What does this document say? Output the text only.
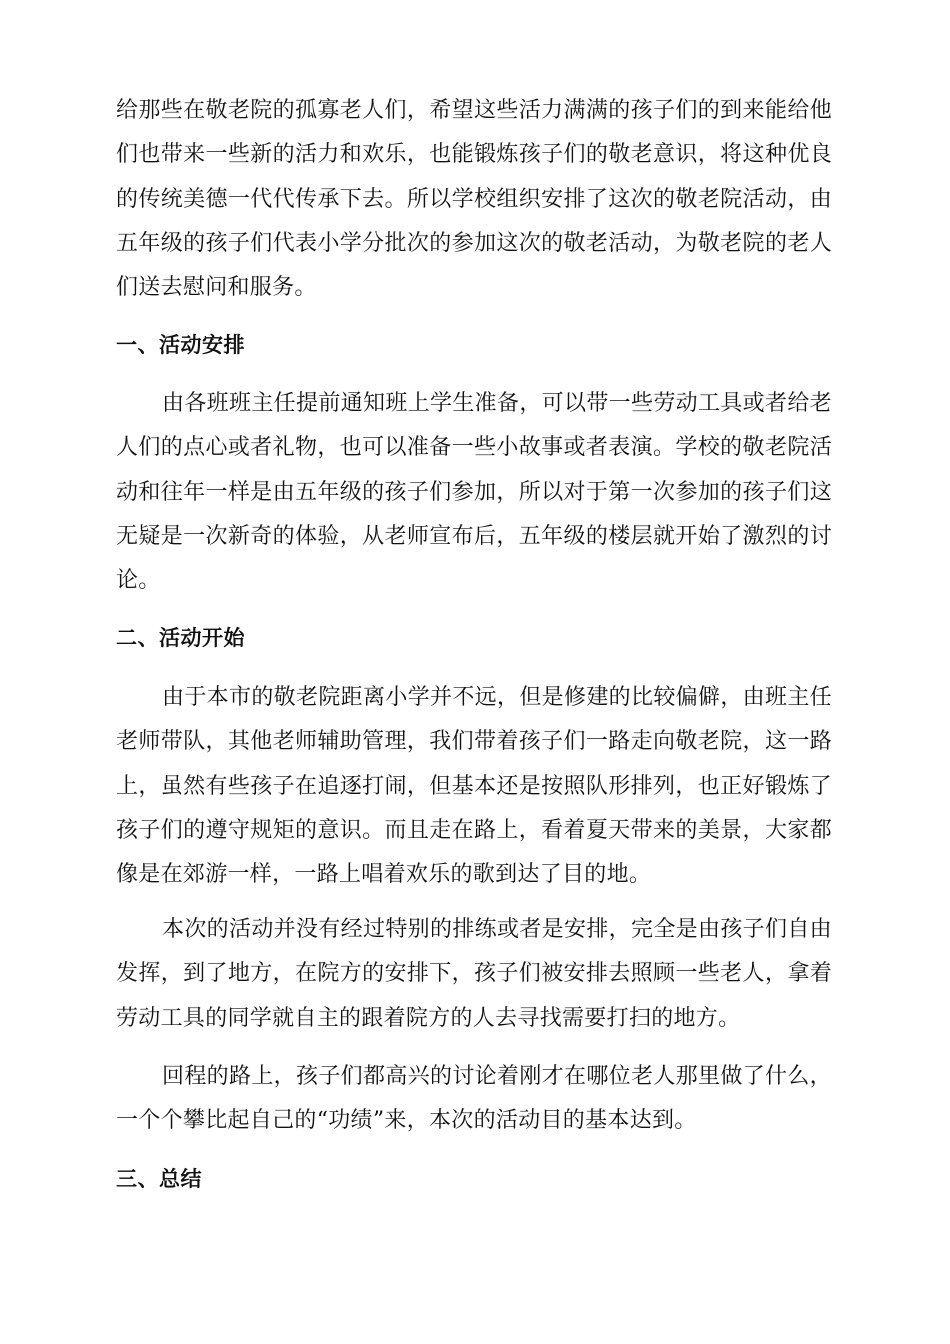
给那些在敬老院的孤寡老人们，希望这些活力满满的孩子们的到来能给他们也带来一些新的活力和欢乐，也能锻炼孩子们的敬老意识，将这种优良的传统美德一代代传承下去。所以学校组织安排了这次的敬老院活动，由五年级的孩子们代表小学分批次的参加这次的敬老活动，为敬老院的老人们送去慰问和服务。

一、活动安排

由各班班主任提前通知班上学生准备，可以带一些劳动工具或者给老人们的点心或者礼物，也可以准备一些小故事或者表演。学校的敬老院活动和往年一样是由五年级的孩子们参加，所以对于第一次参加的孩子们这无疑是一次新奇的体验，从老师宣布后，五年级的楼层就开始了激烈的讨论。

二、活动开始

由于本市的敬老院距离小学并不远，但是修建的比较偏僻，由班主任老师带队，其他老师辅助管理，我们带着孩子们一路走向敬老院，这一路上，虽然有些孩子在追逐打闹，但基本还是按照队形排列，也正好锻炼了孩子们的遵守规矩的意识。而且走在路上，看着夏天带来的美景，大家都像是在郊游一样，一路上唱着欢乐的歌到达了目的地。

本次的活动并没有经过特别的排练或者是安排，完全是由孩子们自由发挥，到了地方，在院方的安排下，孩子们被安排去照顾一些老人，拿着劳动工具的同学就自主的跟着院方的人去寻找需要打扫的地方。

回程的路上，孩子们都高兴的讨论着刚才在哪位老人那里做了什么，一个个攀比起自己的“功绩”来，本次的活动目的基本达到。

三、总结
